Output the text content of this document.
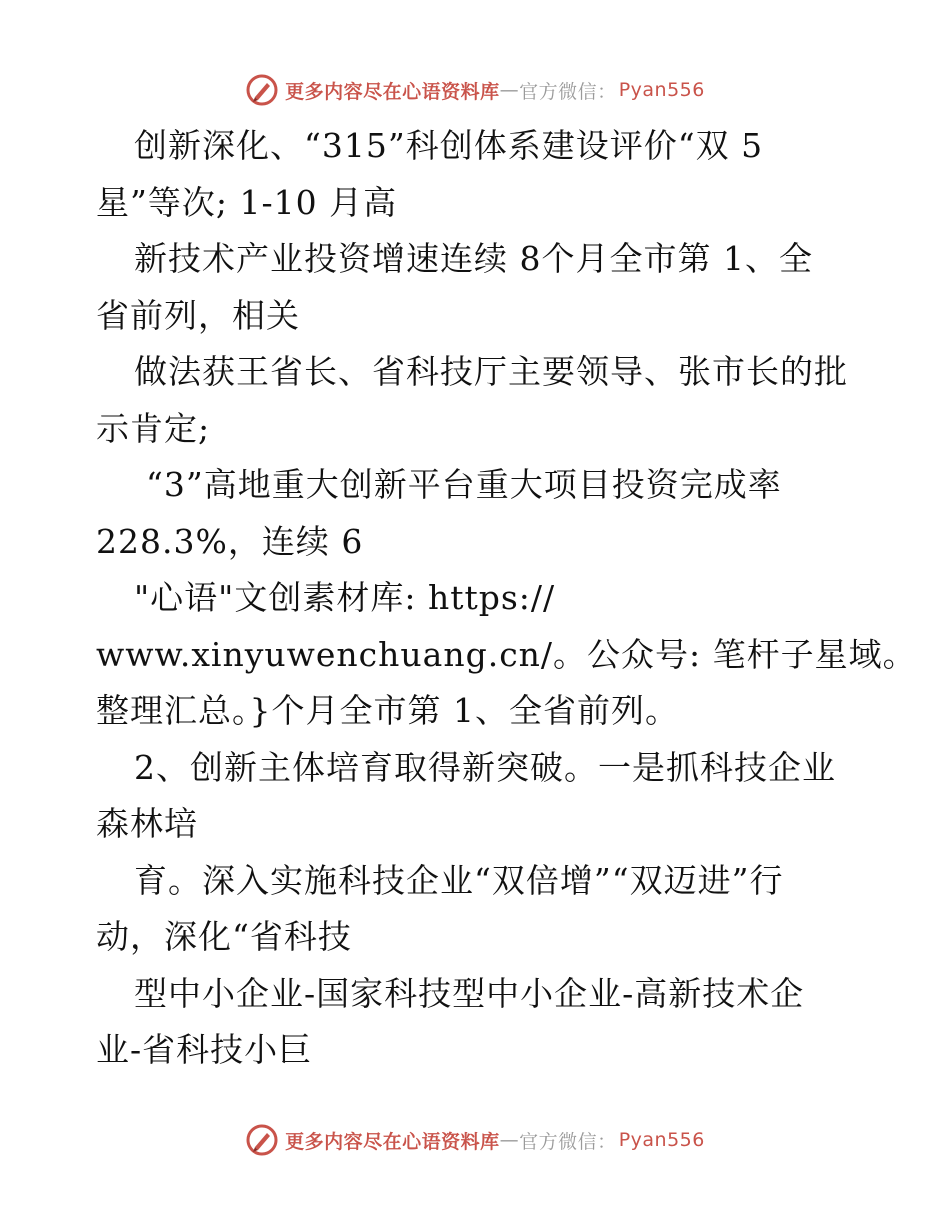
更多内容尽在心语资料库 — 官方微信： Pyan556
创新深化、“315”科创体系建设评价“双 5
星”等次; 1-10 月高
新技术产业投资增速连续 8个月全市第 1、全
省前列，相关
做法获王省长、省科技厅主要领导、张市长的批
示肯定;
“3”高地重大创新平台重大项目投资完成率
228.3%，连续 6
"心语"文创素材库: https://
www.xinyuwenchuang.cn/。公众号: 笔杆子星域。
整理汇总。}个月全市第 1、全省前列。
2、创新主体培育取得新突破。一是抓科技企业
森林培
育。深入实施科技企业“双倍增”“双迈进”行
动，深化“省科技
型中小企业-国家科技型中小企业-高新技术企
业-省科技小巨
更多内容尽在心语资料库 — 官方微信： Pyan556
